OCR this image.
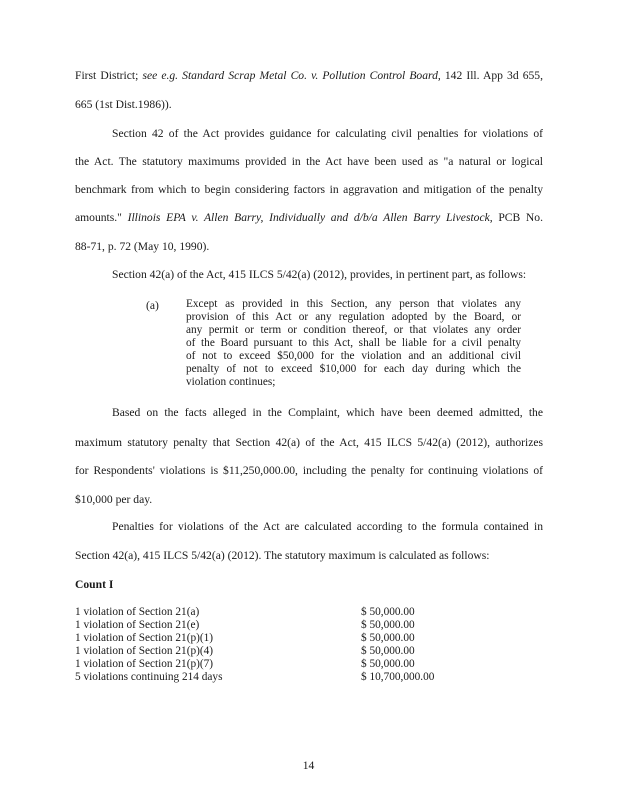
First District; see e.g. Standard Scrap Metal Co. v. Pollution Control Board, 142 Ill. App 3d 655,
665 (1st Dist.1986)).
Section 42 of the Act provides guidance for calculating civil penalties for violations of
the Act. The statutory maximums provided in the Act have been used as "a natural or logical
benchmark from which to begin considering factors in aggravation and mitigation of the penalty
amounts." Illinois EPA v. Allen Barry, Individually and d/b/a Allen Barry Livestock, PCB No.
88-71, p. 72 (May 10, 1990).
Section 42(a) of the Act, 415 ILCS 5/42(a) (2012), provides, in pertinent part, as follows:
(a) Except as provided in this Section, any person that violates any
provision of this Act or any regulation adopted by the Board, or
any permit or term or condition thereof, or that violates any order
of the Board pursuant to this Act, shall be liable for a civil penalty
of not to exceed $50,000 for the violation and an additional civil
penalty of not to exceed $10,000 for each day during which the
violation continues;
Based on the facts alleged in the Complaint, which have been deemed admitted, the
maximum statutory penalty that Section 42(a) of the Act, 415 ILCS 5/42(a) (2012), authorizes
for Respondents' violations is $11,250,000.00, including the penalty for continuing violations of
$10,000 per day.
Penalties for violations of the Act are calculated according to the formula contained in
Section 42(a), 415 ILCS 5/42(a) (2012). The statutory maximum is calculated as follows:
Count I
1 violation of Section 21(a)	$ 50,000.00
1 violation of Section 21(e)	$ 50,000.00
1 violation of Section 21(p)(1)	$ 50,000.00
1 violation of Section 21(p)(4)	$ 50,000.00
1 violation of Section 21(p)(7)	$ 50,000.00
5 violations continuing 214 days	$ 10,700,000.00
14
